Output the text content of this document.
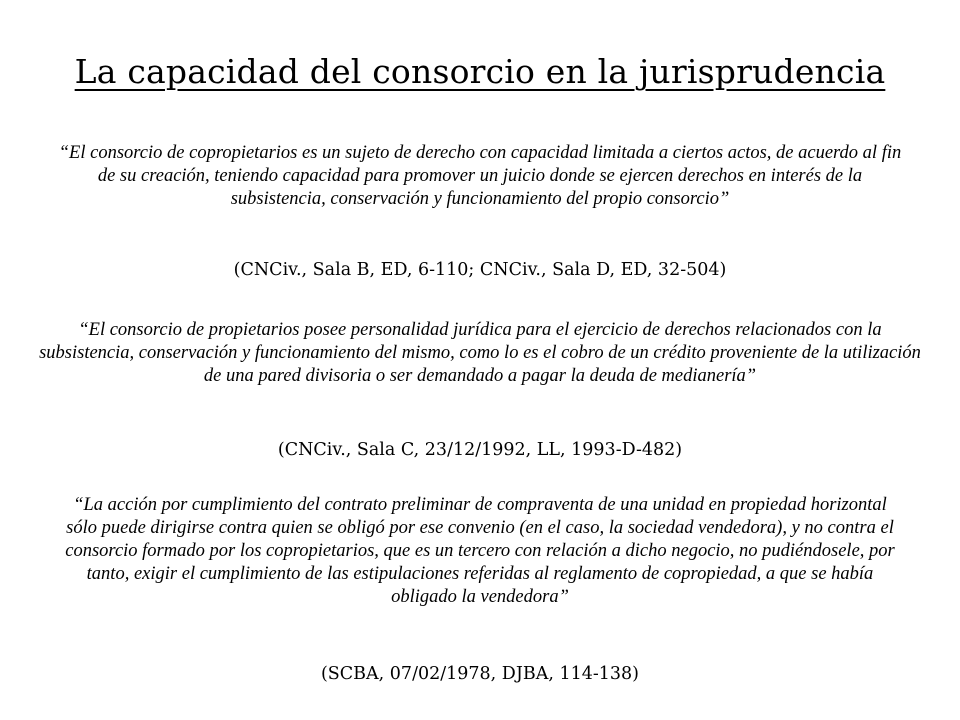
La capacidad del consorcio en la jurisprudencia

“El consorcio de copropietarios es un sujeto de derecho con capacidad limitada a ciertos actos, de acuerdo al fin de su creación, teniendo capacidad para promover un juicio donde se ejercen derechos en interés de la subsistencia, conservación y funcionamiento del propio consorcio”

(CNCiv., Sala B, ED, 6-110; CNCiv., Sala D, ED, 32-504)

“El consorcio de propietarios posee personalidad jurídica para el ejercicio de derechos relacionados con la subsistencia, conservación y funcionamiento del mismo, como lo es el cobro de un crédito proveniente de la utilización de una pared divisoria o ser demandado a pagar la deuda de medianería”

(CNCiv., Sala C, 23/12/1992, LL, 1993-D-482)

“La acción por cumplimiento del contrato preliminar de compraventa de una unidad en propiedad horizontal sólo puede dirigirse contra quien se obligó por ese convenio (en el caso, la sociedad vendedora), y no contra el consorcio formado por los copropietarios, que es un tercero con relación a dicho negocio, no pudiéndosele, por tanto, exigir el cumplimiento de las estipulaciones referidas al reglamento de copropiedad, a que se había obligado la vendedora”

(SCBA, 07/02/1978, DJBA, 114-138)
